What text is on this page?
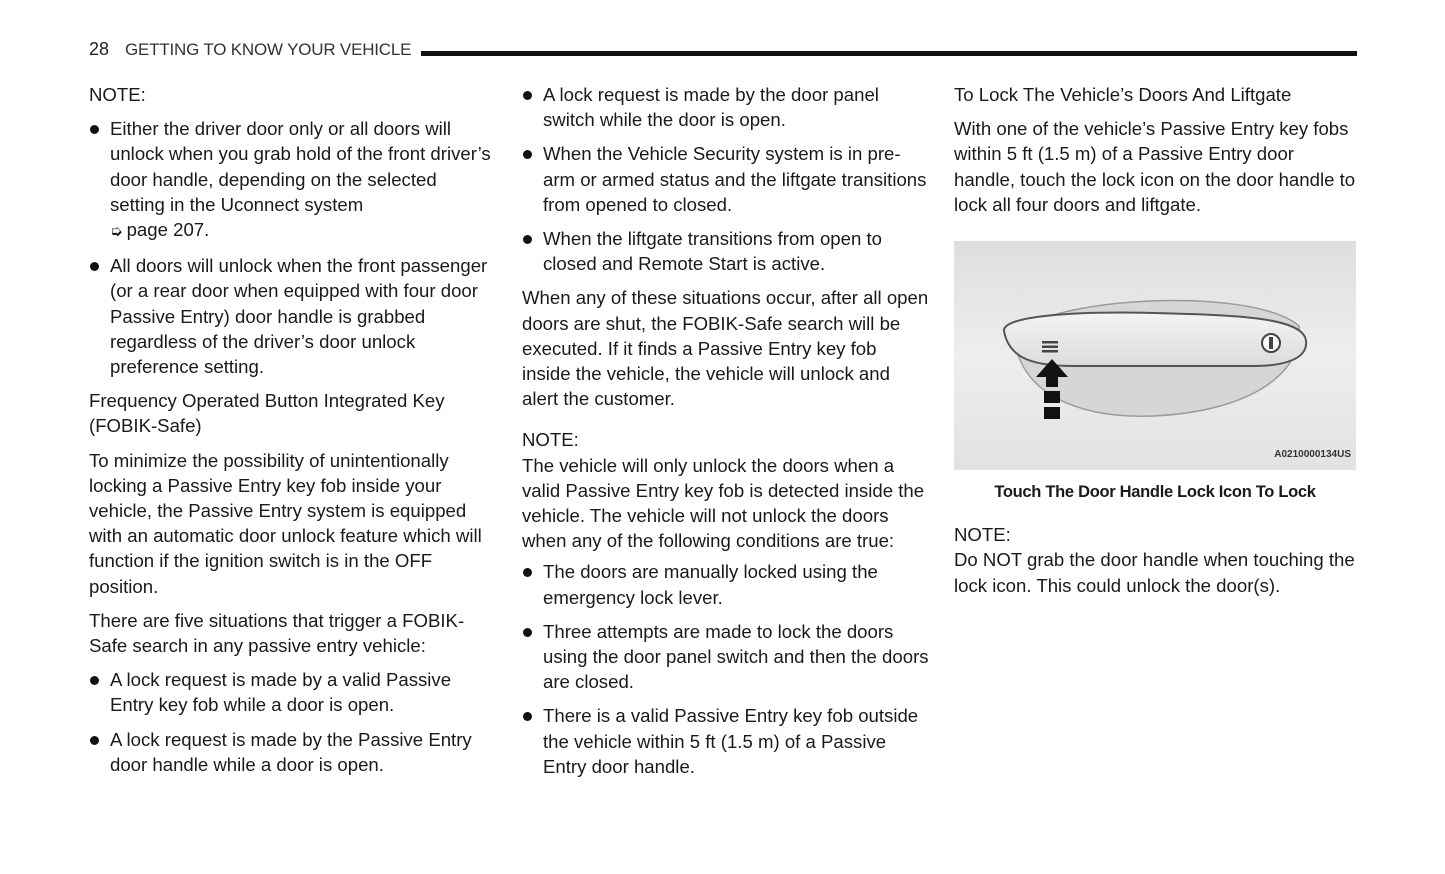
28 GETTING TO KNOW YOUR VEHICLE
NOTE:
Either the driver door only or all doors will unlock when you grab hold of the front driver’s door handle, depending on the selected setting in the Uconnect system
➭ page 207.
All doors will unlock when the front passenger (or a rear door when equipped with four door Passive Entry) door handle is grabbed regardless of the driver’s door unlock preference setting.
Frequency Operated Button Integrated Key (FOBIK-Safe)

To minimize the possibility of unintentionally locking a Passive Entry key fob inside your vehicle, the Passive Entry system is equipped with an automatic door unlock feature which will function if the ignition switch is in the OFF position.

There are five situations that trigger a FOBIK-Safe search in any passive entry vehicle:

A lock request is made by a valid Passive Entry key fob while a door is open.
A lock request is made by the Passive Entry door handle while a door is open.
A lock request is made by the door panel switch while the door is open.
When the Vehicle Security system is in pre-arm or armed status and the liftgate transitions from opened to closed.
When the liftgate transitions from open to closed and Remote Start is active.

When any of these situations occur, after all open doors are shut, the FOBIK-Safe search will be executed. If it finds a Passive Entry key fob inside the vehicle, the vehicle will unlock and alert the customer.

NOTE:

The vehicle will only unlock the doors when a valid Passive Entry key fob is detected inside the vehicle. The vehicle will not unlock the doors when any of the following conditions are true:

The doors are manually locked using the emergency lock lever.
Three attempts are made to lock the doors using the door panel switch and then the doors are closed.
There is a valid Passive Entry key fob outside the vehicle within 5 ft (1.5 m) of a Passive Entry door handle.
To Lock The Vehicle’s Doors And Liftgate

With one of the vehicle’s Passive Entry key fobs within 5 ft (1.5 m) of a Passive Entry door handle, touch the lock icon on the door handle to lock all four doors and liftgate.

A0210000134US
Touch The Door Handle Lock Icon To Lock
NOTE:

Do NOT grab the door handle when touching the lock icon. This could unlock the door(s).
